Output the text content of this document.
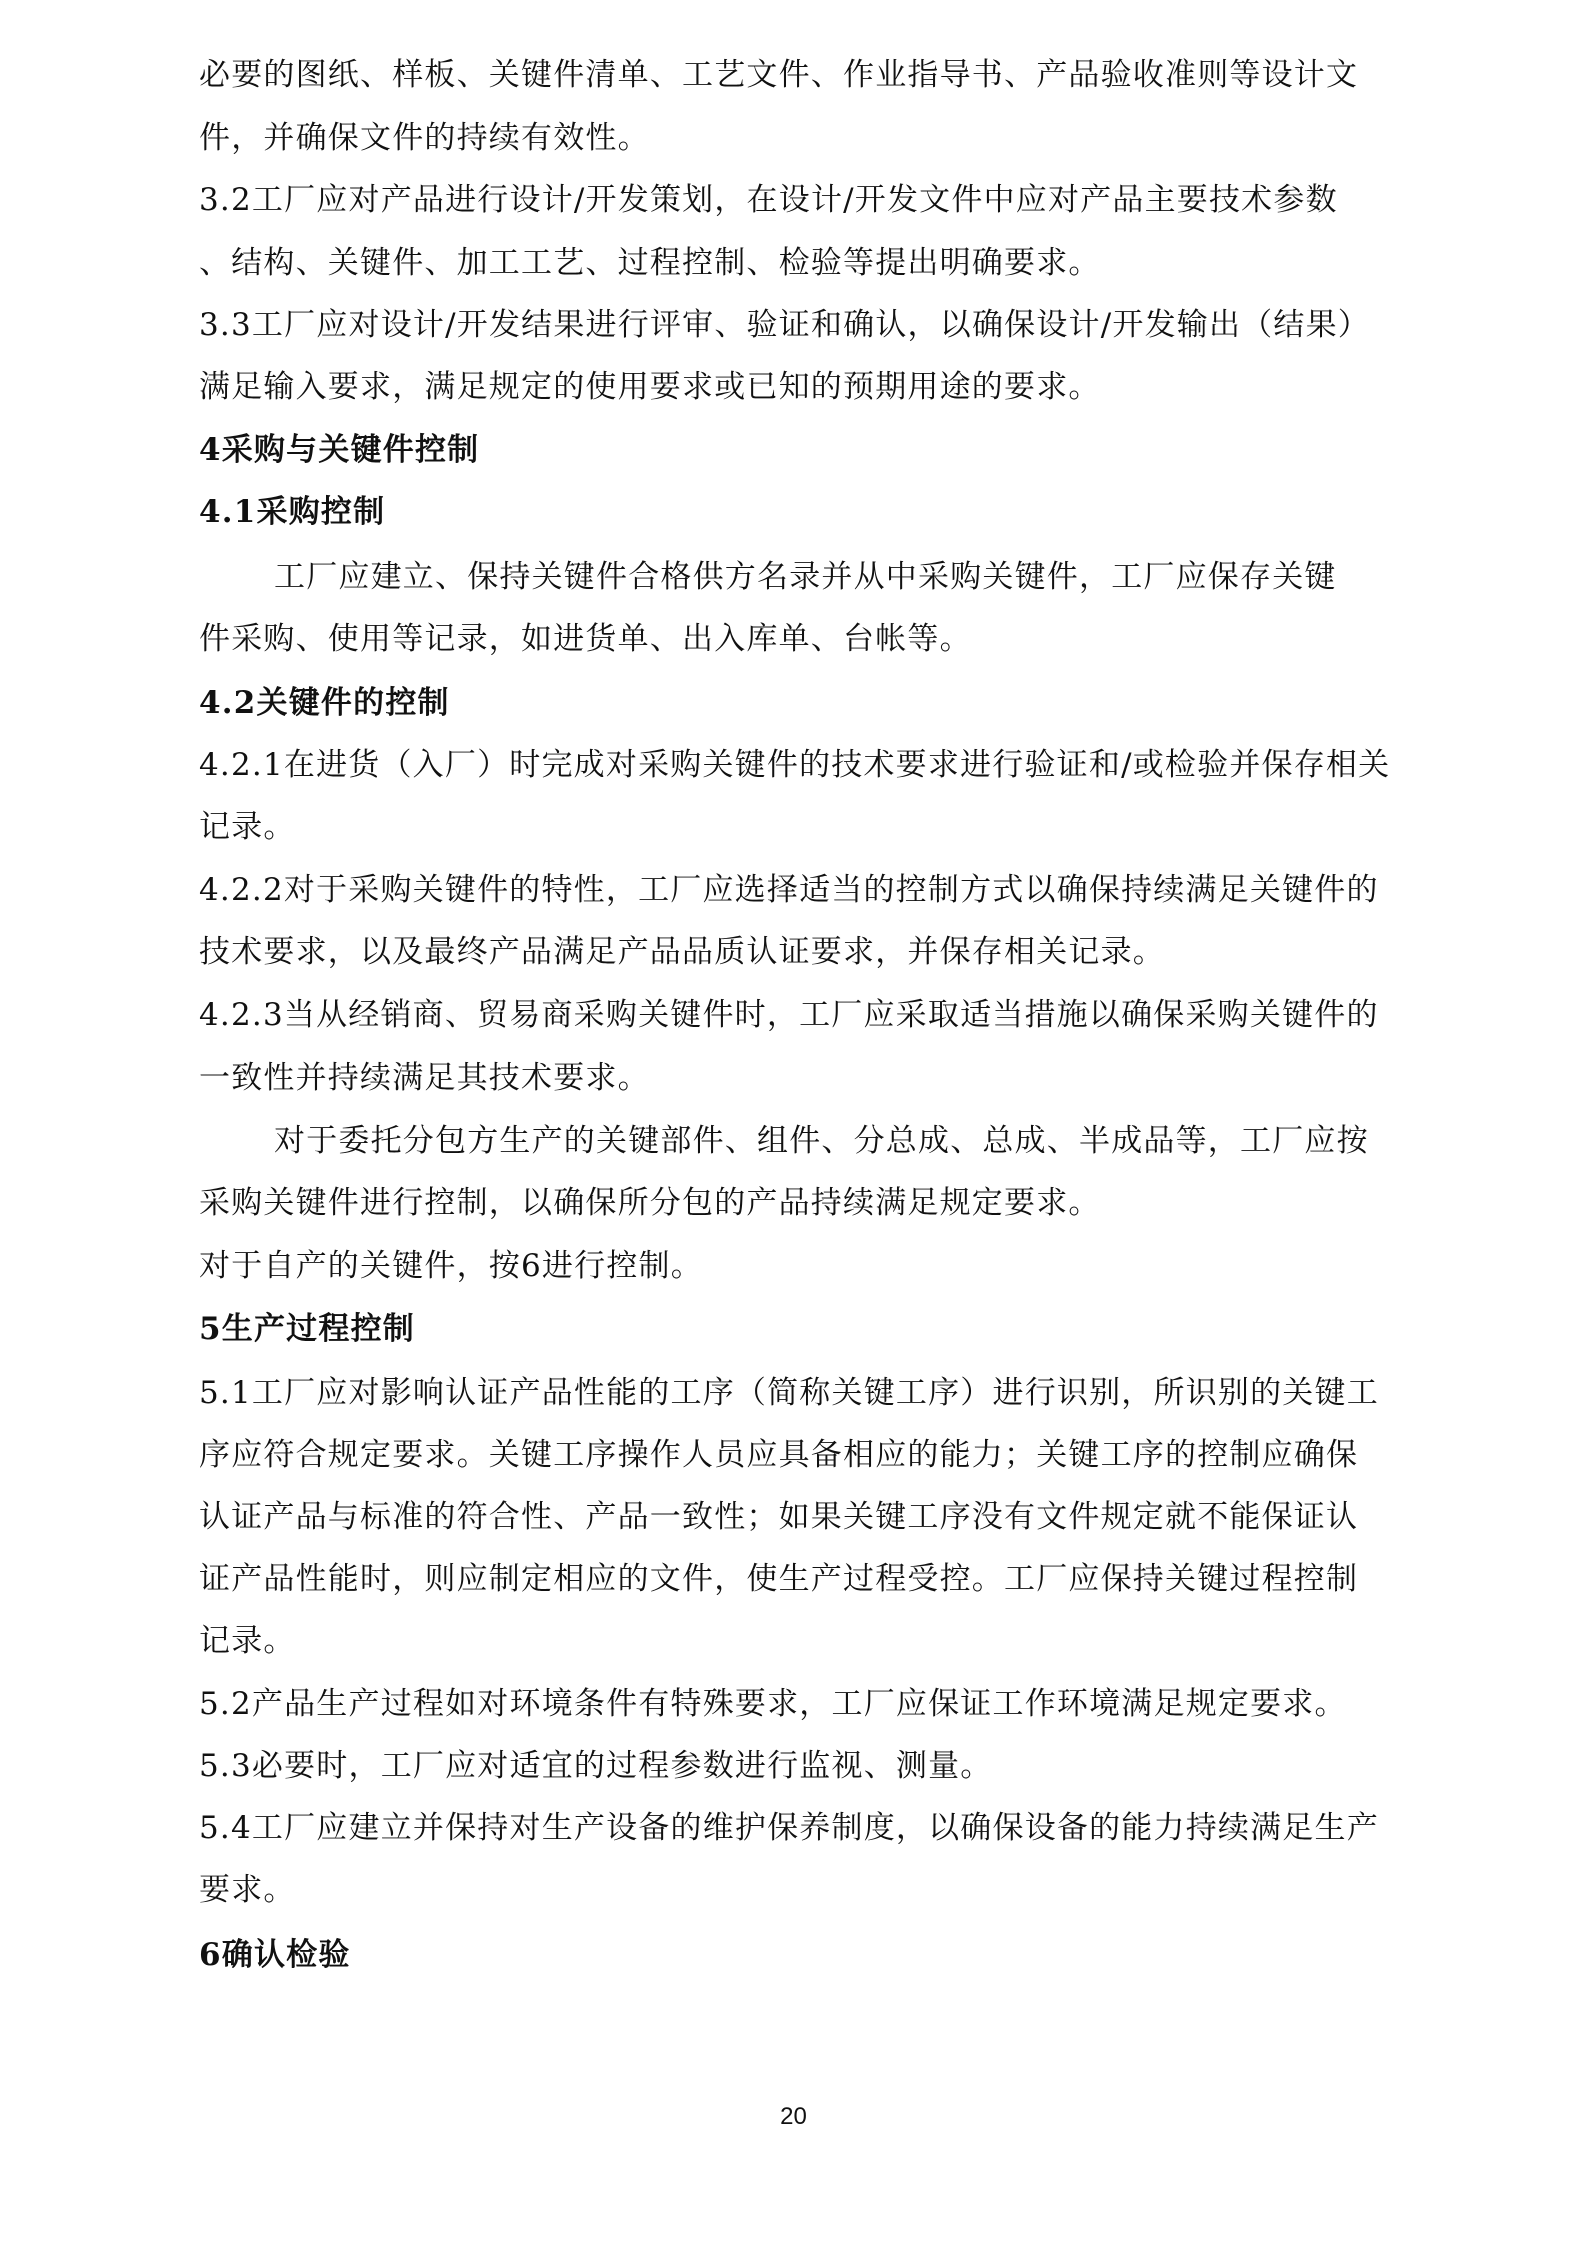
必要的图纸、样板、关键件清单、工艺文件、作业指导书、产品验收准则等设计文
件，并确保文件的持续有效性。
3.2工厂应对产品进行设计/开发策划，在设计/开发文件中应对产品主要技术参数
、结构、关键件、加工工艺、过程控制、检验等提出明确要求。
3.3工厂应对设计/开发结果进行评审、验证和确认，以确保设计/开发输出（结果）
满足输入要求，满足规定的使用要求或已知的预期用途的要求。
4采购与关键件控制
4.1采购控制
工厂应建立、保持关键件合格供方名录并从中采购关键件，工厂应保存关键
件采购、使用等记录，如进货单、出入库单、台帐等。
4.2关键件的控制
4.2.1在进货（入厂）时完成对采购关键件的技术要求进行验证和/或检验并保存相关
记录。
4.2.2对于采购关键件的特性，工厂应选择适当的控制方式以确保持续满足关键件的
技术要求，以及最终产品满足产品品质认证要求，并保存相关记录。
4.2.3当从经销商、贸易商采购关键件时，工厂应采取适当措施以确保采购关键件的
一致性并持续满足其技术要求。
对于委托分包方生产的关键部件、组件、分总成、总成、半成品等，工厂应按
采购关键件进行控制，以确保所分包的产品持续满足规定要求。
对于自产的关键件，按6进行控制。
5生产过程控制
5.1工厂应对影响认证产品性能的工序（简称关键工序）进行识别，所识别的关键工
序应符合规定要求。关键工序操作人员应具备相应的能力；关键工序的控制应确保
认证产品与标准的符合性、产品一致性；如果关键工序没有文件规定就不能保证认
证产品性能时，则应制定相应的文件，使生产过程受控。工厂应保持关键过程控制
记录。
5.2产品生产过程如对环境条件有特殊要求，工厂应保证工作环境满足规定要求。
5.3必要时，工厂应对适宜的过程参数进行监视、测量。
5.4工厂应建立并保持对生产设备的维护保养制度，以确保设备的能力持续满足生产
要求。
6确认检验
20
